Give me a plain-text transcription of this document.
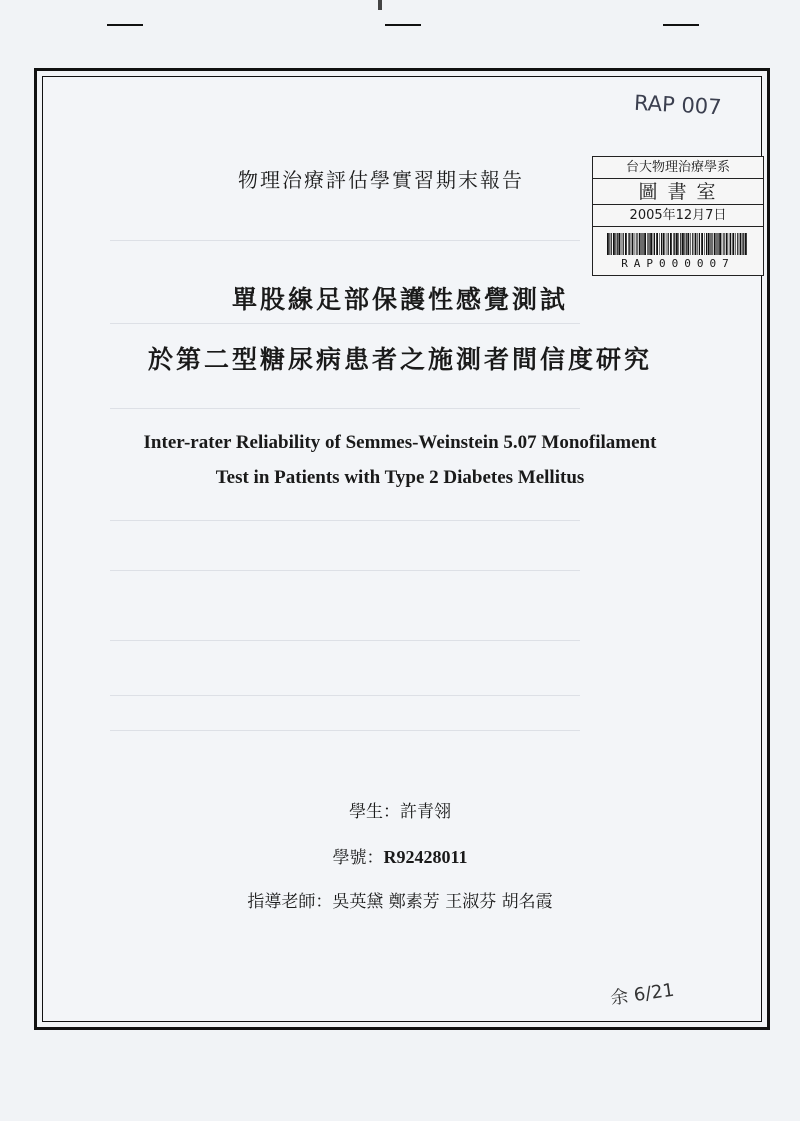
RAP 007
台大物理治療學系
圖書室
2005年12月7日
RAP000007
物理治療評估學實習期末報告
單股線足部保護性感覺測試
於第二型糖尿病患者之施測者間信度研究
Inter-rater Reliability of Semmes-Weinstein 5.07 Monofilament
Test in Patients with Type 2 Diabetes Mellitus
學生：許青翎
學號：R92428011
指導老師：吳英黛 鄭素芳 王淑芬 胡名霞
余 6/21
